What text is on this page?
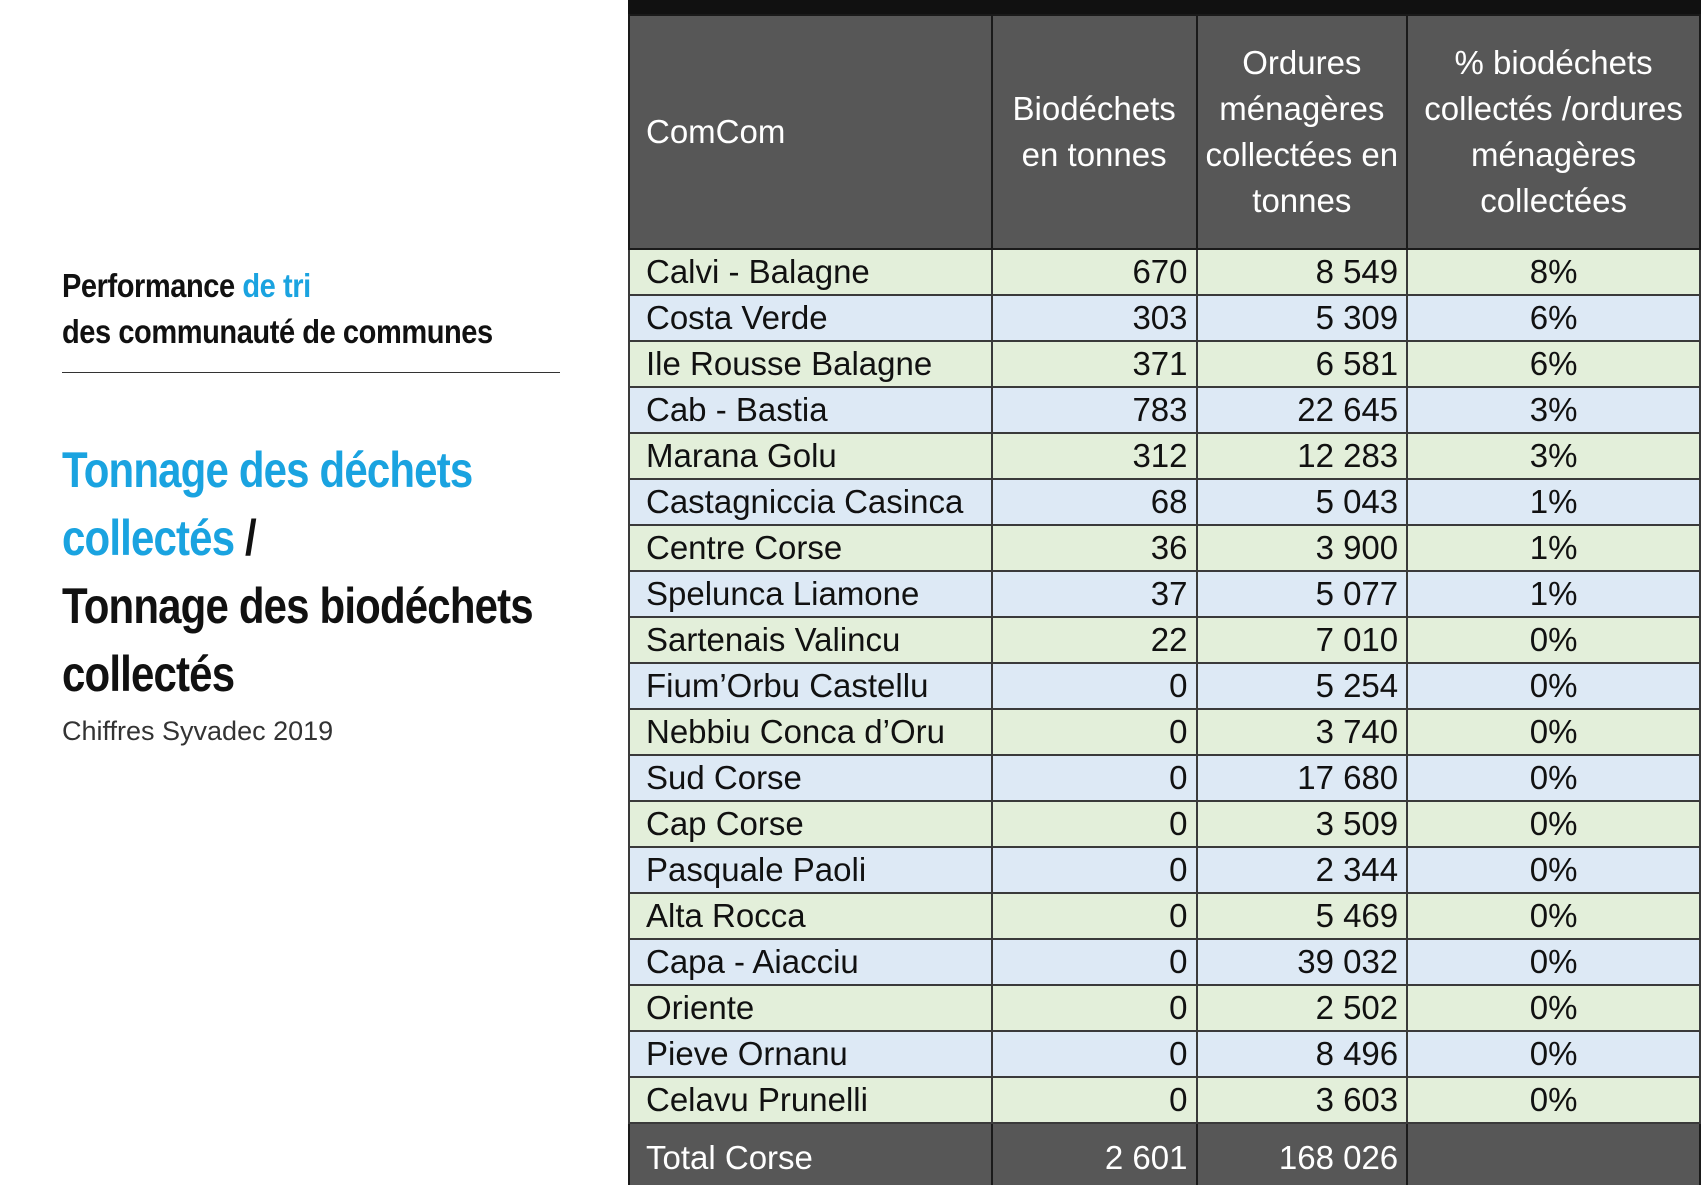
Performance de tri
des communauté de communes
Tonnage des déchets
collectés /
Tonnage des biodéchets
collectés
Chiffres Syvadec 2019
ComCom	Biodéchets en tonnes	Ordures ménagères collectées en tonnes	% biodéchets collectés /ordures ménagères collectées
Calvi - Balagne	670	8 549	8%
Costa Verde	303	5 309	6%
Ile Rousse Balagne	371	6 581	6%
Cab - Bastia	783	22 645	3%
Marana Golu	312	12 283	3%
Castagniccia Casinca	68	5 043	1%
Centre Corse	36	3 900	1%
Spelunca Liamone	37	5 077	1%
Sartenais Valincu	22	7 010	0%
Fium’Orbu Castellu	0	5 254	0%
Nebbiu Conca d’Oru	0	3 740	0%
Sud Corse	0	17 680	0%
Cap Corse	0	3 509	0%
Pasquale Paoli	0	2 344	0%
Alta Rocca	0	5 469	0%
Capa - Aiacciu	0	39 032	0%
Oriente	0	2 502	0%
Pieve Ornanu	0	8 496	0%
Celavu Prunelli	0	3 603	0%
Total Corse	2 601	168 026	
